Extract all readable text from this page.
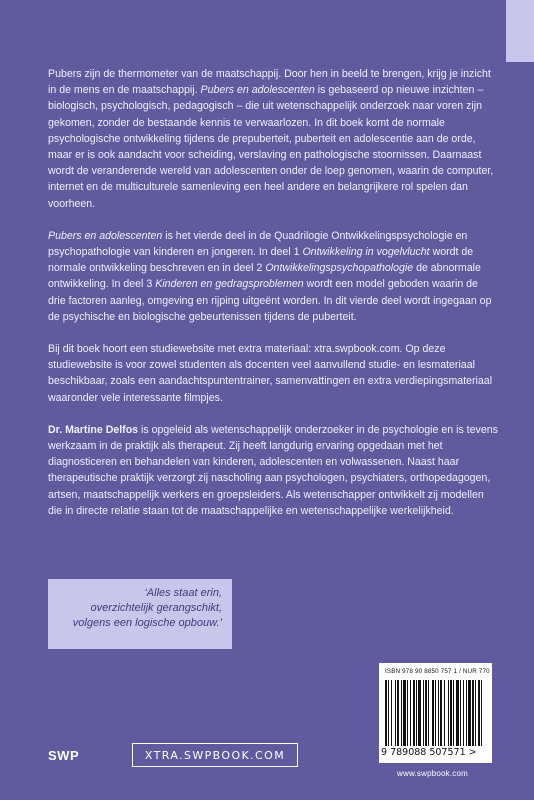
Pubers zijn de thermometer van de maatschappij. Door hen in beeld te brengen, krijg je inzicht in de mens en de maatschappij. Pubers en adolescenten is gebaseerd op nieuwe inzichten – biologisch, psychologisch, pedagogisch – die uit wetenschappelijk onderzoek naar voren zijn gekomen, zonder de bestaande kennis te verwaarlozen. In dit boek komt de normale psychologische ontwikkeling tijdens de prepuberteit, puberteit en adolescentie aan de orde, maar er is ook aandacht voor scheiding, verslaving en pathologische stoornissen. Daarnaast wordt de veranderende wereld van adolescenten onder de loep genomen, waarin de computer, internet en de multiculturele samenleving een heel andere en belangrijkere rol spelen dan voorheen.

Pubers en adolescenten is het vierde deel in de Quadrilogie Ontwikkelingspsychologie en psychopathologie van kinderen en jongeren. In deel 1 Ontwikkeling in vogelvlucht wordt de normale ontwikkeling beschreven en in deel 2 Ontwikkelingspsychopathologie de abnormale ontwikkeling. In deel 3 Kinderen en gedragsproblemen wordt een model geboden waarin de drie factoren aanleg, omgeving en rijping uitgeënt worden. In dit vierde deel wordt ingegaan op de psychische en biologische gebeurtenissen tijdens de puberteit.

Bij dit boek hoort een studiewebsite met extra materiaal: xtra.swpbook.com. Op deze studiewebsite is voor zowel studenten als docenten veel aanvullend studie- en lesmateriaal beschikbaar, zoals een aandachtspuntentrainer, samenvattingen en extra verdiepingsmateriaal waaronder vele interessante filmpjes.

Dr. Martine Delfos is opgeleid als wetenschappelijk onderzoeker in de psychologie en is tevens werkzaam in de praktijk als therapeut. Zij heeft langdurig ervaring opgedaan met het diagnosticeren en behandelen van kinderen, adolescenten en volwassenen. Naast haar therapeutische praktijk verzorgt zij nascholing aan psychologen, psychiaters, orthopedagogen, artsen, maatschappelijk werkers en groepsleiders. Als wetenschapper ontwikkelt zij modellen die in directe relatie staan tot de maatschappelijke en wetenschappelijke werkelijkheid.

‘Alles staat erin,
overzichtelijk gerangschikt,
volgens een logische opbouw.’
SWP	XTRA.SWPBOOK.COM
ISBN 978 90 8850 757 1 / NUR 770
9 789088 507571 >
www.swpbook.com
